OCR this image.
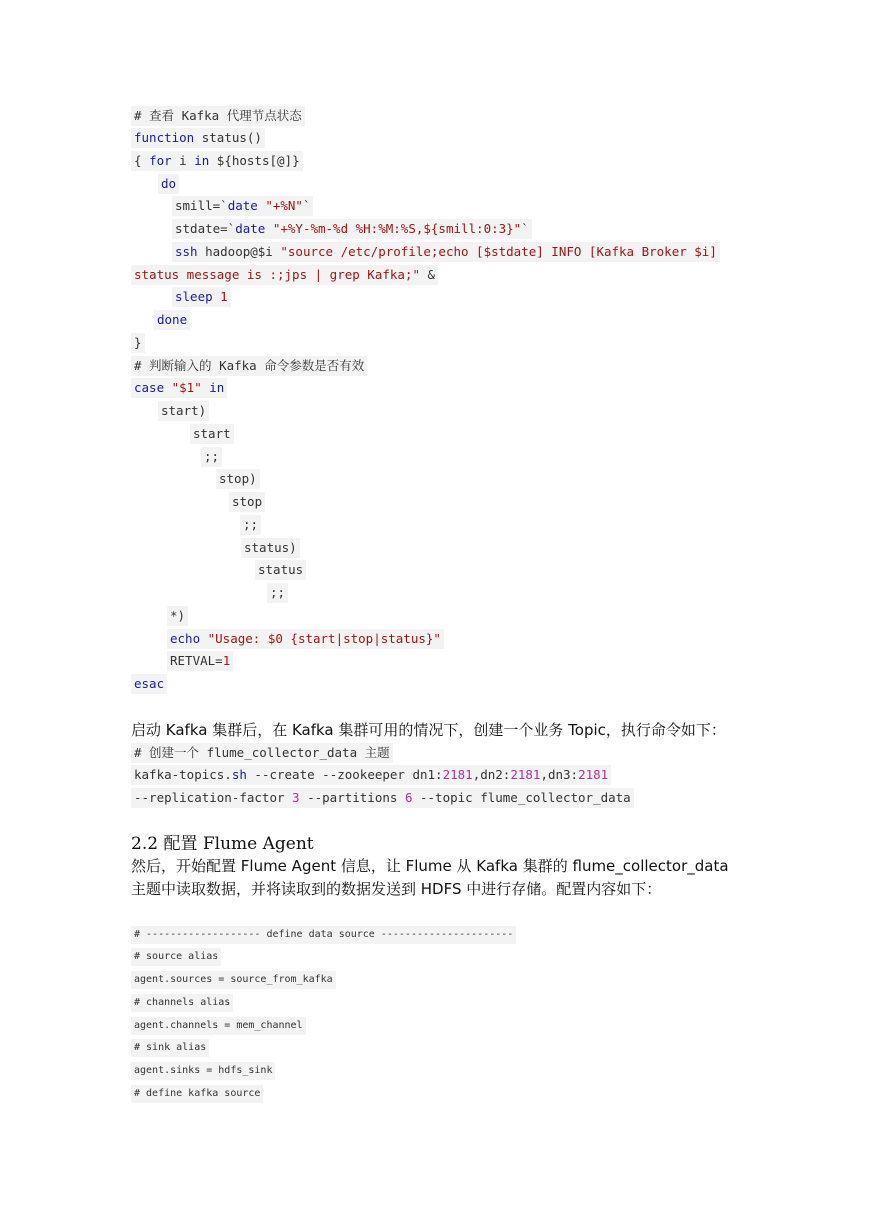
# 查看 Kafka 代理节点状态
function status()
{ for i in ${hosts[@]}
do
smill=`date "+%N"`
stdate=`date "+%Y-%m-%d %H:%M:%S,${smill:0:3}"`
ssh hadoop@$i "source /etc/profile;echo [$stdate] INFO [Kafka Broker $i]
status message is :;jps | grep Kafka;" &
sleep 1
done
}
# 判断输入的 Kafka 命令参数是否有效
case "$1" in
start)
start
;;
stop)
stop
;;
status)
status
;;
*)
echo "Usage: $0 {start|stop|status}"
RETVAL=1
esac
启动 Kafka 集群后，在 Kafka 集群可用的情况下，创建一个业务 Topic，执行命令如下：
# 创建一个 flume_collector_data 主题
kafka-topics.sh --create --zookeeper dn1:2181,dn2:2181,dn3:2181
--replication-factor 3 --partitions 6 --topic flume_collector_data
2.2 配置 Flume Agent
然后，开始配置 Flume Agent 信息，让 Flume 从 Kafka 集群的 flume_collector_data
主题中读取数据，并将读取到的数据发送到 HDFS 中进行存储。配置内容如下：
# ------------------- define data source ----------------------
# source alias
agent.sources = source_from_kafka
# channels alias
agent.channels = mem_channel
# sink alias
agent.sinks = hdfs_sink
# define kafka source
